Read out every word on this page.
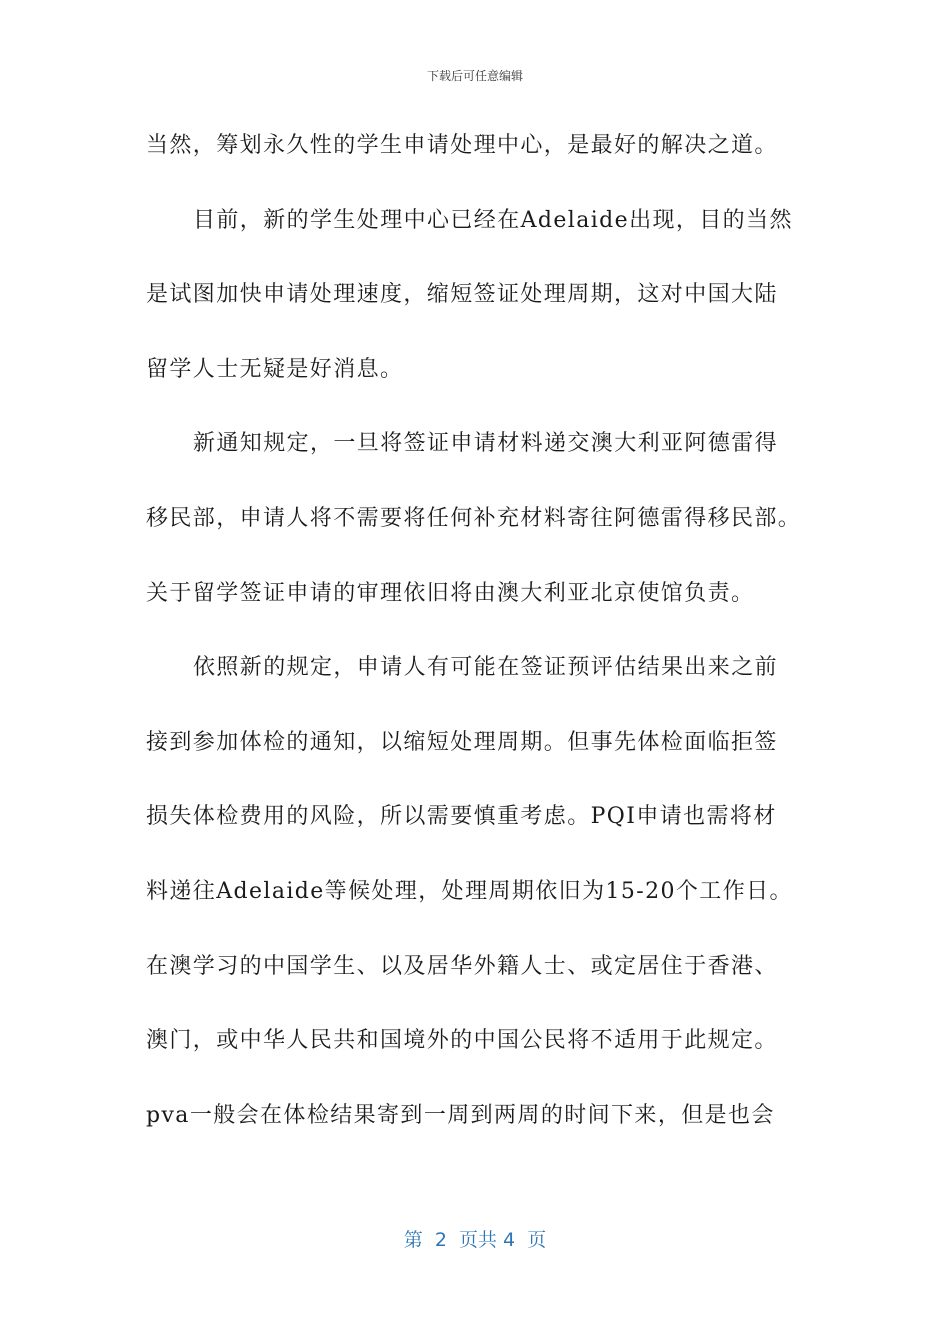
下载后可任意编辑
当然，筹划永久性的学生申请处理中心，是最好的解决之道。
目前，新的学生处理中心已经在Adelaide出现，目的当然
是试图加快申请处理速度，缩短签证处理周期，这对中国大陆
留学人士无疑是好消息。
新通知规定，一旦将签证申请材料递交澳大利亚阿德雷得
移民部，申请人将不需要将任何补充材料寄往阿德雷得移民部。
关于留学签证申请的审理依旧将由澳大利亚北京使馆负责。
依照新的规定，申请人有可能在签证预评估结果出来之前
接到参加体检的通知，以缩短处理周期。但事先体检面临拒签
损失体检费用的风险，所以需要慎重考虑。PQI申请也需将材
料递往Adelaide等候处理，处理周期依旧为15-20个工作日。
在澳学习的中国学生、以及居华外籍人士、或定居住于香港、
澳门，或中华人民共和国境外的中国公民将不适用于此规定。
pva一般会在体检结果寄到一周到两周的时间下来，但是也会
第  2  页共 4  页
